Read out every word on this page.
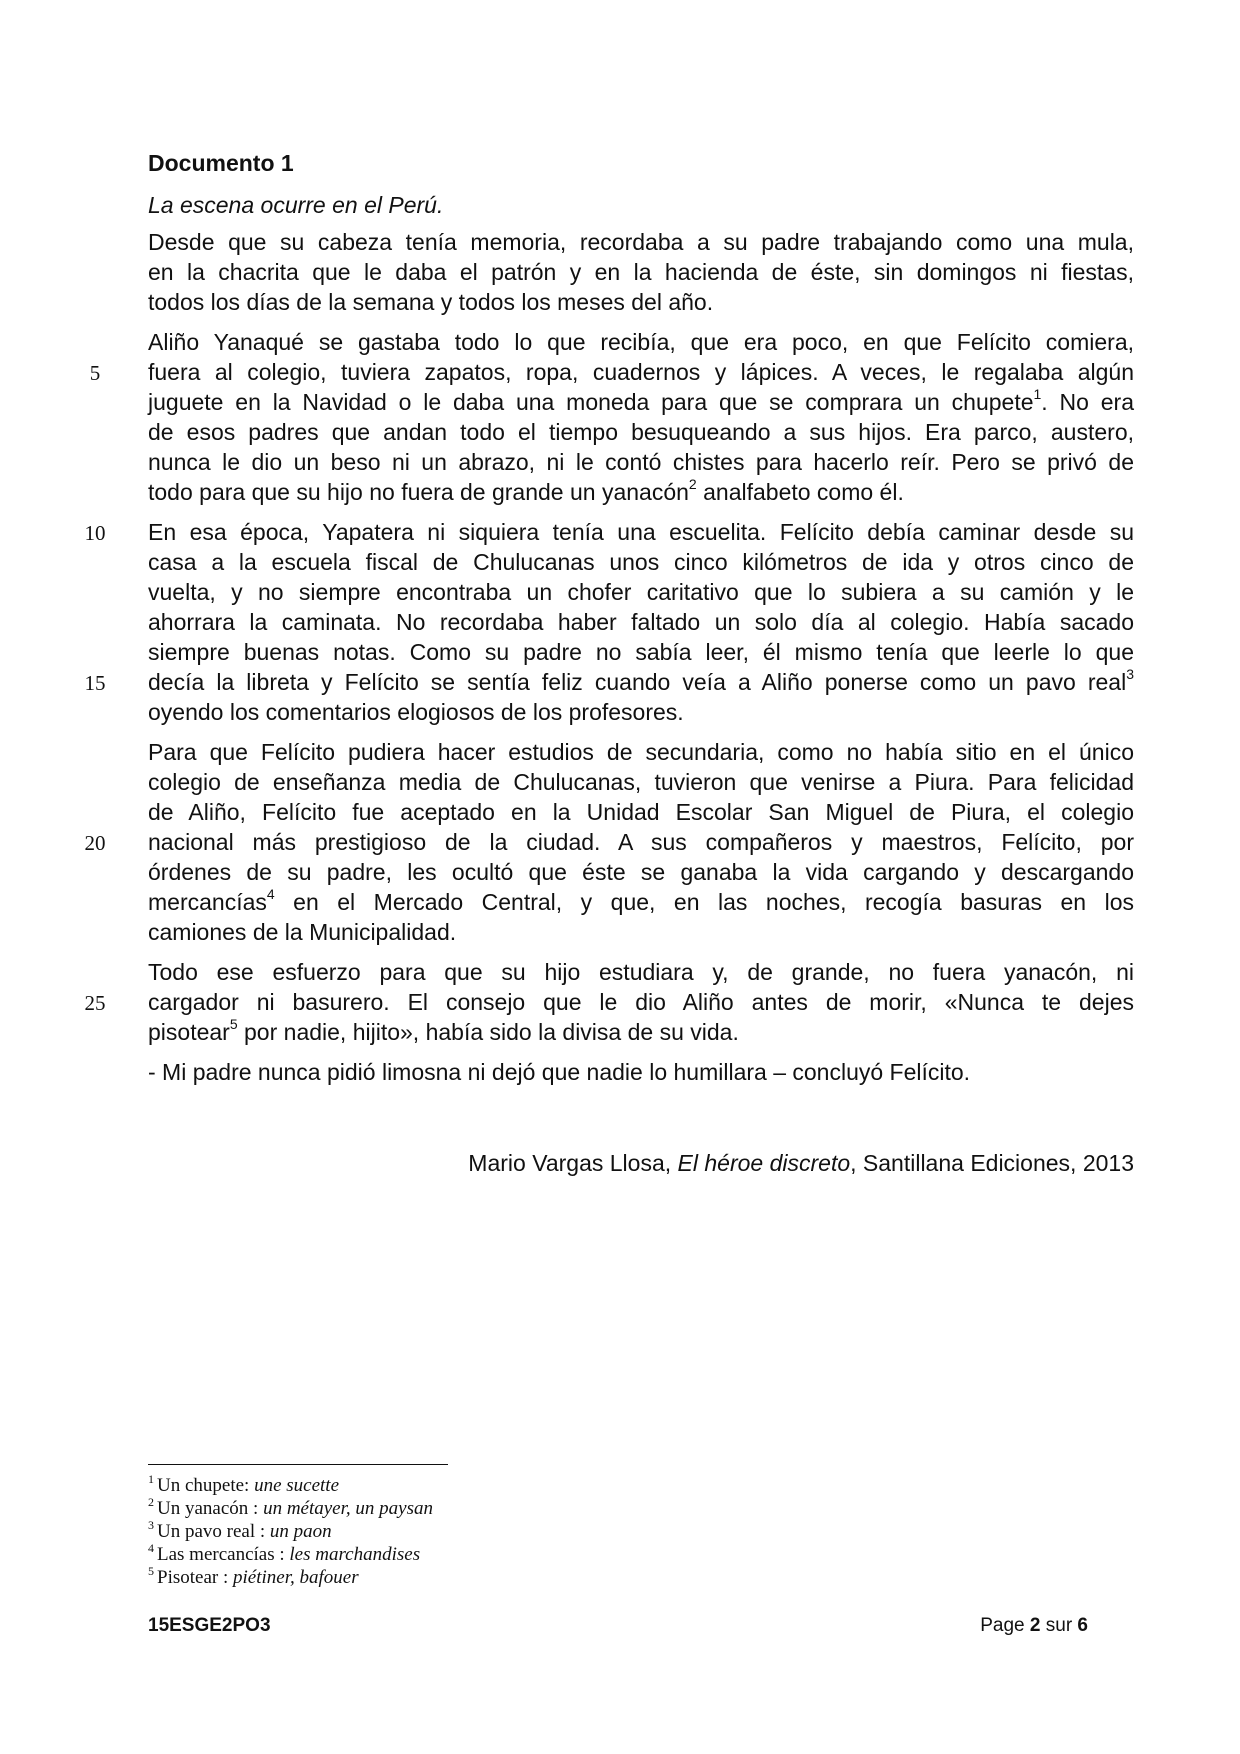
Documento 1
La escena ocurre en el Perú.
Desde que su cabeza tenía memoria, recordaba a su padre trabajando como una mula,
en la chacrita que le daba el patrón y en la hacienda de éste, sin domingos ni fiestas,
todos los días de la semana y todos los meses del año.
Aliño Yanaqué se gastaba todo lo que recibía, que era poco, en que Felícito comiera,
fuera al colegio, tuviera zapatos, ropa, cuadernos y lápices. A veces, le regalaba algún
juguete en la Navidad o le daba una moneda para que se comprara un chupete$^1$. No era
de esos padres que andan todo el tiempo besuqueando a sus hijos. Era parco, austero,
nunca le dio un beso ni un abrazo, ni le contó chistes para hacerlo reír. Pero se privó de
todo para que su hijo no fuera de grande un yanacón$^2$ analfabeto como él.
En esa época, Yapatera ni siquiera tenía una escuelita. Felícito debía caminar desde su
casa a la escuela fiscal de Chulucanas unos cinco kilómetros de ida y otros cinco de
vuelta, y no siempre encontraba un chofer caritativo que lo subiera a su camión y le
ahorrara la caminata. No recordaba haber faltado un solo día al colegio. Había sacado
siempre buenas notas. Como su padre no sabía leer, él mismo tenía que leerle lo que
decía la libreta y Felícito se sentía feliz cuando veía a Aliño ponerse como un pavo real$^3$
oyendo los comentarios elogiosos de los profesores.
Para que Felícito pudiera hacer estudios de secundaria, como no había sitio en el único
colegio de enseñanza media de Chulucanas, tuvieron que venirse a Piura. Para felicidad
de Aliño, Felícito fue aceptado en la Unidad Escolar San Miguel de Piura, el colegio
nacional más prestigioso de la ciudad. A sus compañeros y maestros, Felícito, por
órdenes de su padre, les ocultó que éste se ganaba la vida cargando y descargando
mercancías$^4$ en el Mercado Central, y que, en las noches, recogía basuras en los
camiones de la Municipalidad.
Todo ese esfuerzo para que su hijo estudiara y, de grande, no fuera yanacón, ni
cargador ni basurero. El consejo que le dio Aliño antes de morir, «Nunca te dejes
pisotear$^5$ por nadie, hijito», había sido la divisa de su vida.
- Mi padre nunca pidió limosna ni dejó que nadie lo humillara – concluyó Felícito.
5
10
15
20
25
Mario Vargas Llosa, El héroe discreto, Santillana Ediciones, 2013
$^1$ Un chupete: une sucette
$^2$ Un yanacón : un métayer, un paysan
$^3$ Un pavo real : un paon
$^4$ Las mercancías : les marchandises
$^5$ Pisotear : piétiner, bafouer
15ESGE2PO3	Page 2 sur 6
